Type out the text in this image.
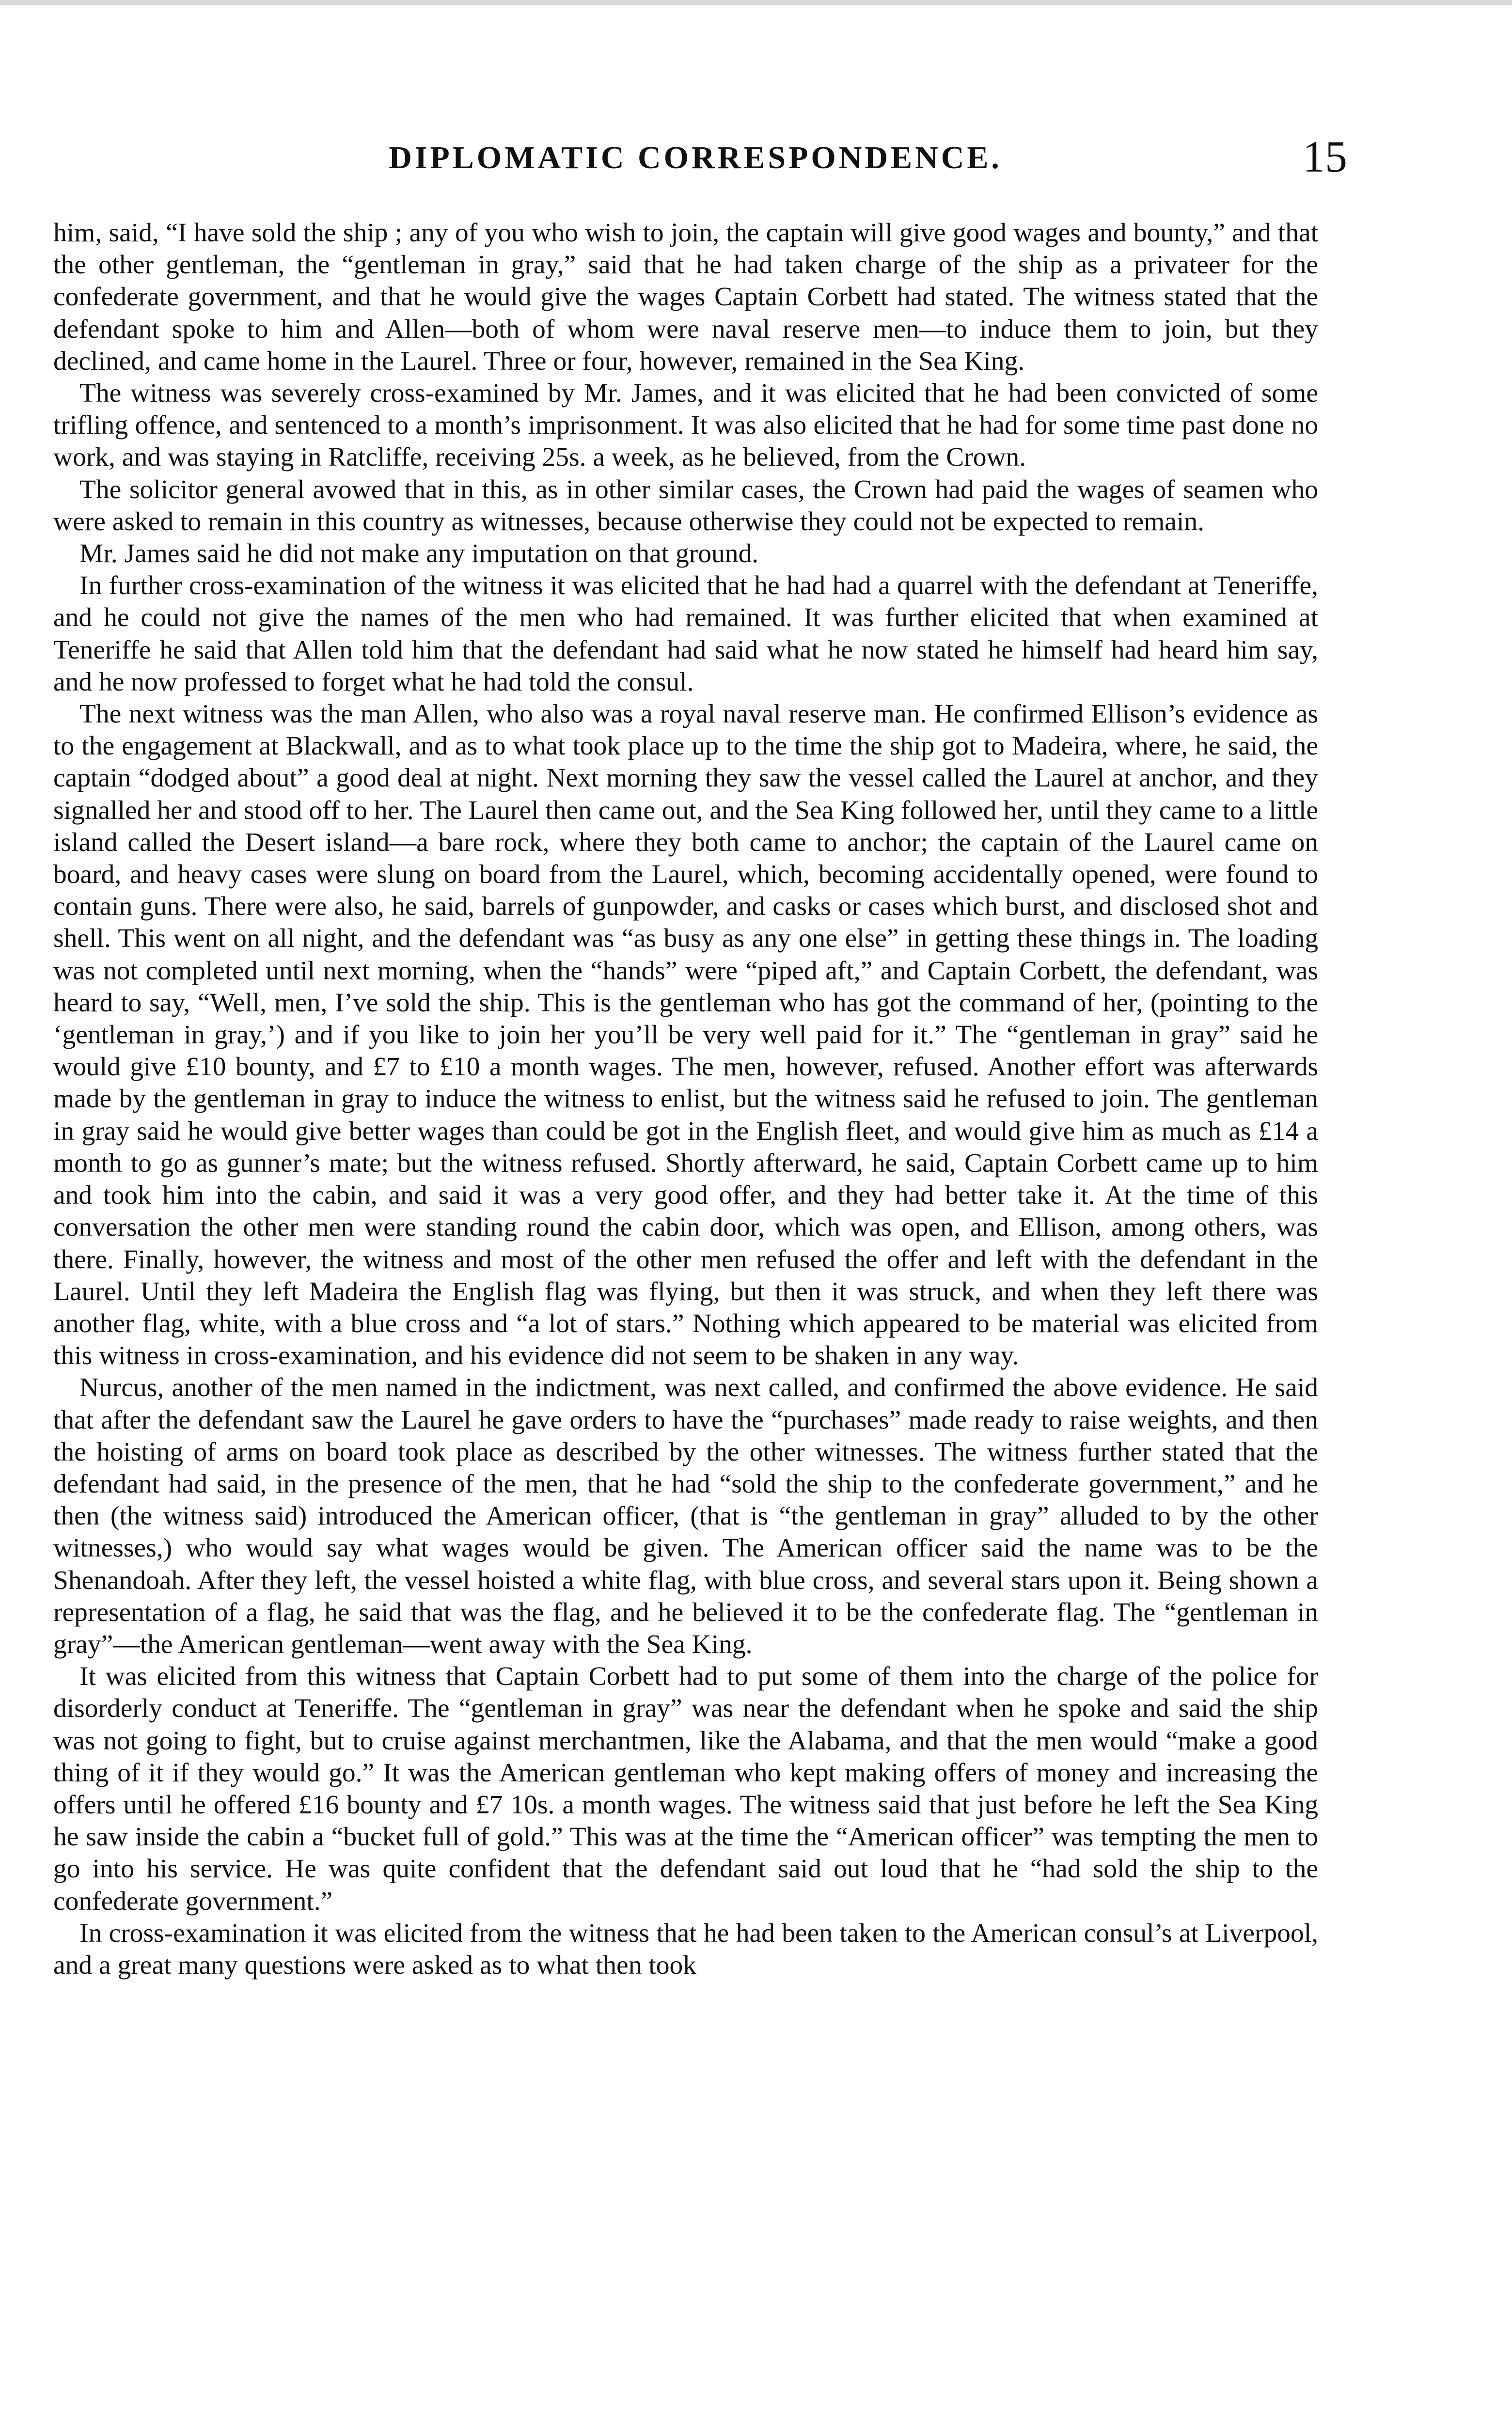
DIPLOMATIC CORRESPONDENCE.	15

him, said, “I have sold the ship ; any of you who wish to join, the captain will give good wages and bounty,” and that the other gentleman, the “gentleman in gray,” said that he had taken charge of the ship as a privateer for the confederate government, and that he would give the wages Captain Corbett had stated. The witness stated that the defendant spoke to him and Allen—both of whom were naval reserve men—to induce them to join, but they declined, and came home in the Laurel. Three or four, however, remained in the Sea King.

The witness was severely cross-examined by Mr. James, and it was elicited that he had been convicted of some trifling offence, and sentenced to a month’s imprisonment. It was also elicited that he had for some time past done no work, and was staying in Ratcliffe, receiving 25s. a week, as he believed, from the Crown.

The solicitor general avowed that in this, as in other similar cases, the Crown had paid the wages of seamen who were asked to remain in this country as witnesses, because otherwise they could not be expected to remain.

Mr. James said he did not make any imputation on that ground.

In further cross-examination of the witness it was elicited that he had had a quarrel with the defendant at Teneriffe, and he could not give the names of the men who had remained. It was further elicited that when examined at Teneriffe he said that Allen told him that the defendant had said what he now stated he himself had heard him say, and he now professed to forget what he had told the consul.

The next witness was the man Allen, who also was a royal naval reserve man. He confirmed Ellison’s evidence as to the engagement at Blackwall, and as to what took place up to the time the ship got to Madeira, where, he said, the captain “dodged about” a good deal at night. Next morning they saw the vessel called the Laurel at anchor, and they signalled her and stood off to her. The Laurel then came out, and the Sea King followed her, until they came to a little island called the Desert island—a bare rock, where they both came to anchor; the captain of the Laurel came on board, and heavy cases were slung on board from the Laurel, which, becoming accidentally opened, were found to contain guns. There were also, he said, barrels of gunpowder, and casks or cases which burst, and disclosed shot and shell. This went on all night, and the defendant was “as busy as any one else” in getting these things in. The loading was not completed until next morning, when the “hands” were “piped aft,” and Captain Corbett, the defendant, was heard to say, “Well, men, I’ve sold the ship. This is the gentleman who has got the command of her, (pointing to the ‘gentleman in gray,’) and if you like to join her you’ll be very well paid for it.” The “gentleman in gray” said he would give £10 bounty, and £7 to £10 a month wages. The men, however, refused. Another effort was afterwards made by the gentleman in gray to induce the witness to enlist, but the witness said he refused to join. The gentleman in gray said he would give better wages than could be got in the English fleet, and would give him as much as £14 a month to go as gunner’s mate; but the witness refused. Shortly afterward, he said, Captain Corbett came up to him and took him into the cabin, and said it was a very good offer, and they had better take it. At the time of this conversation the other men were standing round the cabin door, which was open, and Ellison, among others, was there. Finally, however, the witness and most of the other men refused the offer and left with the defendant in the Laurel. Until they left Madeira the English flag was flying, but then it was struck, and when they left there was another flag, white, with a blue cross and “a lot of stars.” Nothing which appeared to be material was elicited from this witness in cross-examination, and his evidence did not seem to be shaken in any way.

Nurcus, another of the men named in the indictment, was next called, and confirmed the above evidence. He said that after the defendant saw the Laurel he gave orders to have the “purchases” made ready to raise weights, and then the hoisting of arms on board took place as described by the other witnesses. The witness further stated that the defendant had said, in the presence of the men, that he had “sold the ship to the confederate government,” and he then (the witness said) introduced the American officer, (that is “the gentleman in gray” alluded to by the other witnesses,) who would say what wages would be given. The American officer said the name was to be the Shenandoah. After they left, the vessel hoisted a white flag, with blue cross, and several stars upon it. Being shown a representation of a flag, he said that was the flag, and he believed it to be the confederate flag. The “gentleman in gray”—the American gentleman—went away with the Sea King.

It was elicited from this witness that Captain Corbett had to put some of them into the charge of the police for disorderly conduct at Teneriffe. The “gentleman in gray” was near the defendant when he spoke and said the ship was not going to fight, but to cruise against merchantmen, like the Alabama, and that the men would “make a good thing of it if they would go.” It was the American gentleman who kept making offers of money and increasing the offers until he offered £16 bounty and £7 10s. a month wages. The witness said that just before he left the Sea King he saw inside the cabin a “bucket full of gold.” This was at the time the “American officer” was tempting the men to go into his service. He was quite confident that the defendant said out loud that he “had sold the ship to the confederate government.”

In cross-examination it was elicited from the witness that he had been taken to the American consul’s at Liverpool, and a great many questions were asked as to what then took
